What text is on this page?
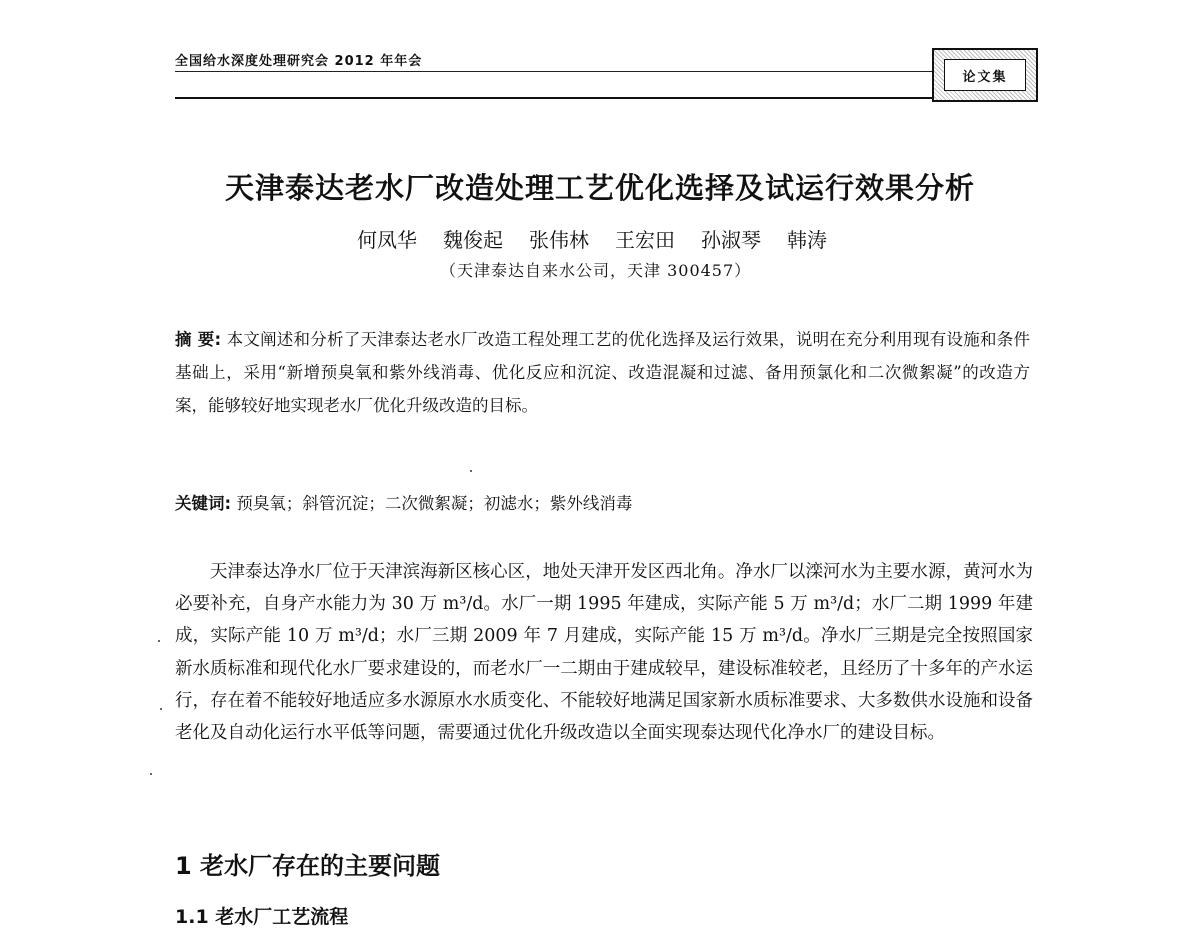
全国给水深度处理研究会 2012 年年会
论文集
天津泰达老水厂改造处理工艺优化选择及试运行效果分析
何凤华 魏俊起 张伟林 王宏田 孙淑琴 韩涛
（天津泰达自来水公司，天津 300457）

摘 要: 本文阐述和分析了天津泰达老水厂改造工程处理工艺的优化选择及运行效果，说明在充分利用现有设施和条件基础上，采用“新增预臭氧和紫外线消毒、优化反应和沉淀、改造混凝和过滤、备用预氯化和二次微絮凝”的改造方案，能够较好地实现老水厂优化升级改造的目标。

关键词: 预臭氧；斜管沉淀；二次微絮凝；初滤水；紫外线消毒

天津泰达净水厂位于天津滨海新区核心区，地处天津开发区西北角。净水厂以滦河水为主要水源，黄河水为必要补充，自身产水能力为 30 万 m³/d。水厂一期 1995 年建成，实际产能 5 万 m³/d；水厂二期 1999 年建成，实际产能 10 万 m³/d；水厂三期 2009 年 7 月建成，实际产能 15 万 m³/d。净水厂三期是完全按照国家新水质标准和现代化水厂要求建设的，而老水厂一二期由于建成较早，建设标准较老，且经历了十多年的产水运行，存在着不能较好地适应多水源原水水质变化、不能较好地满足国家新水质标准要求、大多数供水设施和设备老化及自动化运行水平低等问题，需要通过优化升级改造以全面实现泰达现代化净水厂的建设目标。

1 老水厂存在的主要问题
1.1 老水厂工艺流程
